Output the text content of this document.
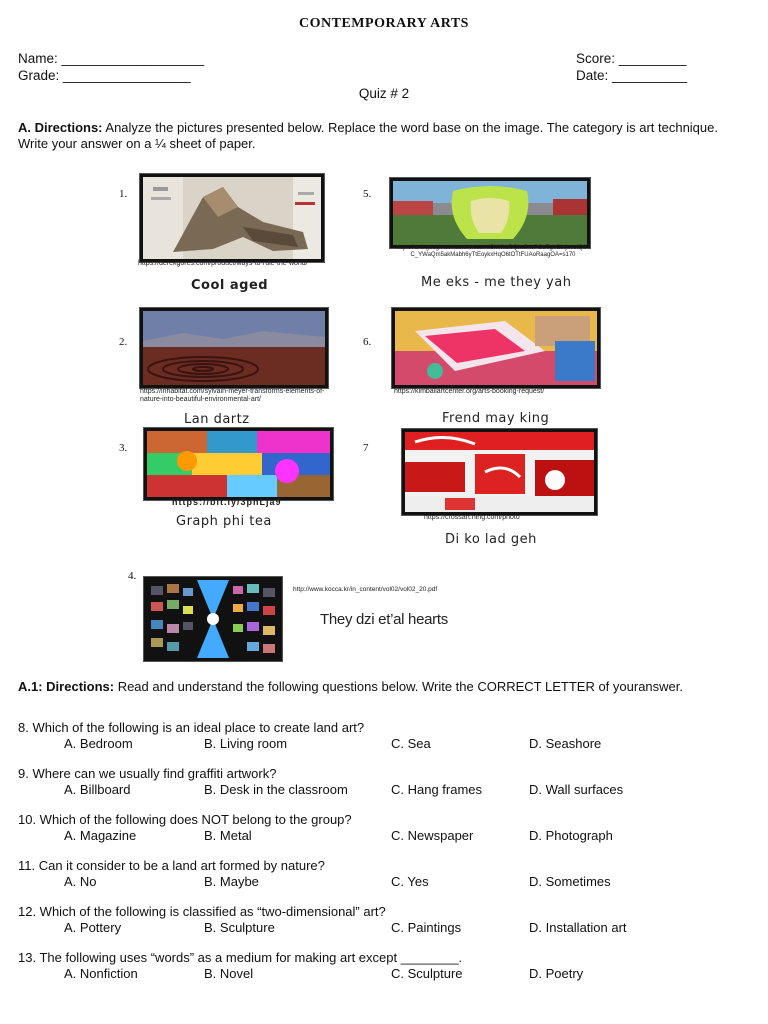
CONTEMPORARY ARTS
Name: ___________________
Grade: _________________
Score: _________
Date: __________
Quiz # 2
A. Directions: Analyze the pictures presented below. Replace the word base on the image. The category is art technique. Write your answer on a ¼ sheet of paper.
1.
https://derekgores.com/product/ways-to-rule-the-world/
Cool aged
2.
https://inhabitat.com/sylvain-meyer-transforms-elements-of-nature-into-beautiful-environmental-art/
Lan dartz
3.
https://bit.ly/3pnLja9
Graph phi tea
4.
http://www.kocca.kr/in_content/vol02/vol02_20.pdf
They dzi et’al hearts
5.
https://an1.googleusercontent.com/ChMkbDQksSevPGd7ghCbtjoeofQ3TC_YWaQm5akMabh6yTtEoykxHqO6tOTtFUAoRaagOA=s170
Me eks - me they yah
6.
https://kimballartcenter.org/arts-booking-request/
Frend may king
7
https://crossart.ning.com/photo
Di ko lad geh
A.1: Directions: Read and understand the following questions below. Write the CORRECT LETTER of youranswer.
8. Which of the following is an ideal place to create land art?
A. Bedroom	B. Living room	C. Sea	D. Seashore
9. Where can we usually find graffiti artwork?
A. Billboard	B. Desk in the classroom	C. Hang frames	D. Wall surfaces
10. Which of the following does NOT belong to the group?
A. Magazine	B. Metal	C. Newspaper	D. Photograph
11. Can it consider to be a land art formed by nature?
A. No	B. Maybe	C. Yes	D. Sometimes
12. Which of the following is classified as “two-dimensional” art?
A. Pottery	B. Sculpture	C. Paintings	D. Installation art
13. The following uses “words” as a medium for making art except ________.
A. Nonfiction	B. Novel	C. Sculpture	D. Poetry
